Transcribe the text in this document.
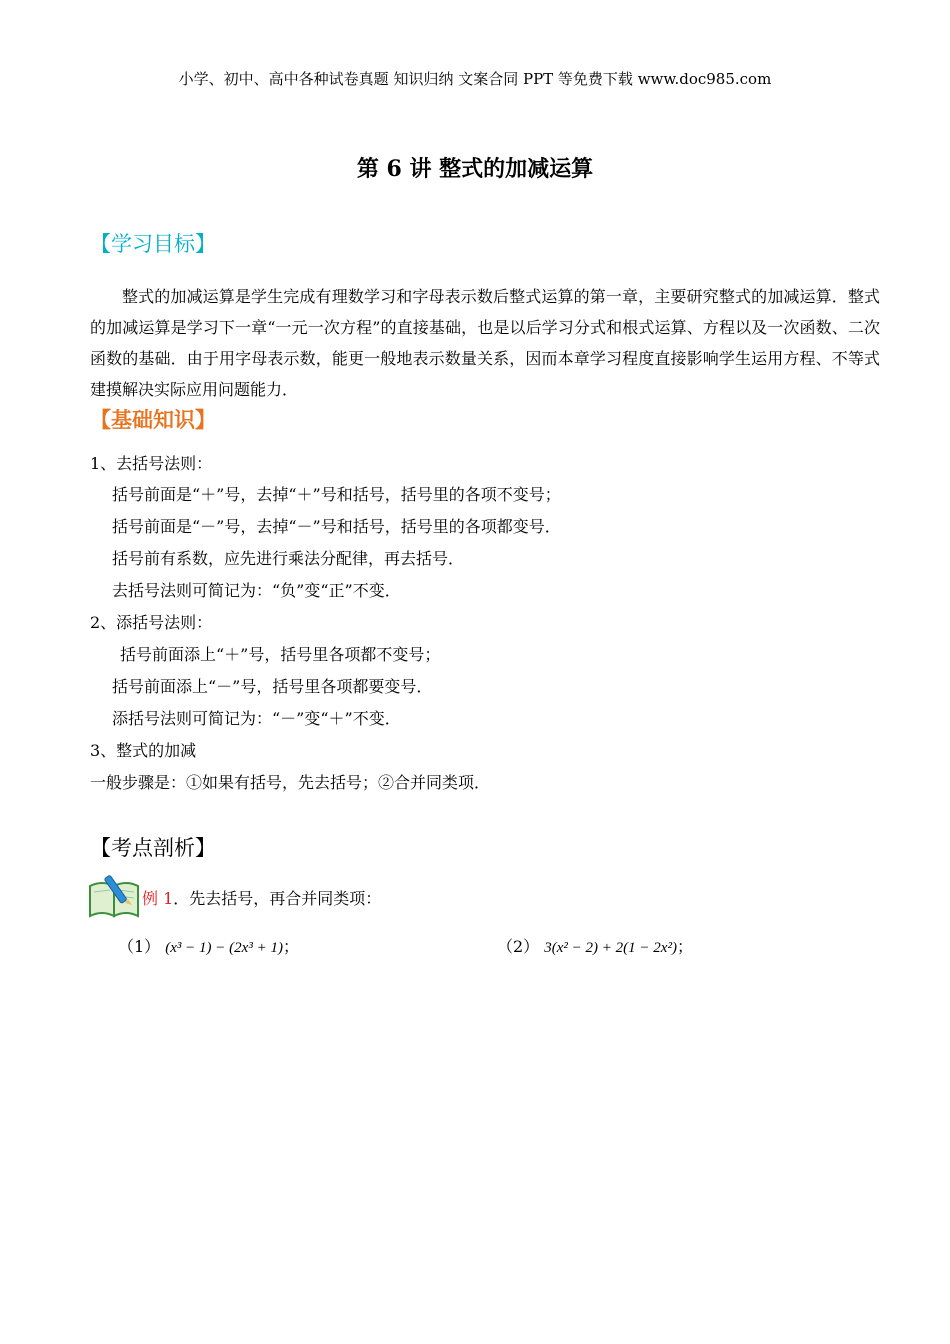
小学、初中、高中各种试卷真题 知识归纳 文案合同 PPT 等免费下载 www.doc985.com
第 6 讲 整式的加减运算
【学习目标】
整式的加减运算是学生完成有理数学习和字母表示数后整式运算的第一章，主要研究整式的加减运算．整式的加减运算是学习下一章“一元一次方程”的直接基础，也是以后学习分式和根式运算、方程以及一次函数、二次函数的基础．由于用字母表示数，能更一般地表示数量关系，因而本章学习程度直接影响学生运用方程、不等式建摸解决实际应用问题能力．
【基础知识】
1、去括号法则：
括号前面是“＋”号，去掉“＋”号和括号，括号里的各项不变号；
括号前面是“－”号，去掉“－”号和括号，括号里的各项都变号．
括号前有系数，应先进行乘法分配律，再去括号．
去括号法则可简记为：“负”变“正”不变．
2、添括号法则：
括号前面添上“＋”号，括号里各项都不变号；
括号前面添上“－”号，括号里各项都要变号．
添括号法则可简记为：“－”变“＋”不变．
3、整式的加减
一般步骤是：①如果有括号，先去括号；②合并同类项．
【考点剖析】
例 1．先去括号，再合并同类项：
（1） (x³ − 1) − (2x³ + 1)；	（2） 3(x² − 2) + 2(1 − 2x²)；
